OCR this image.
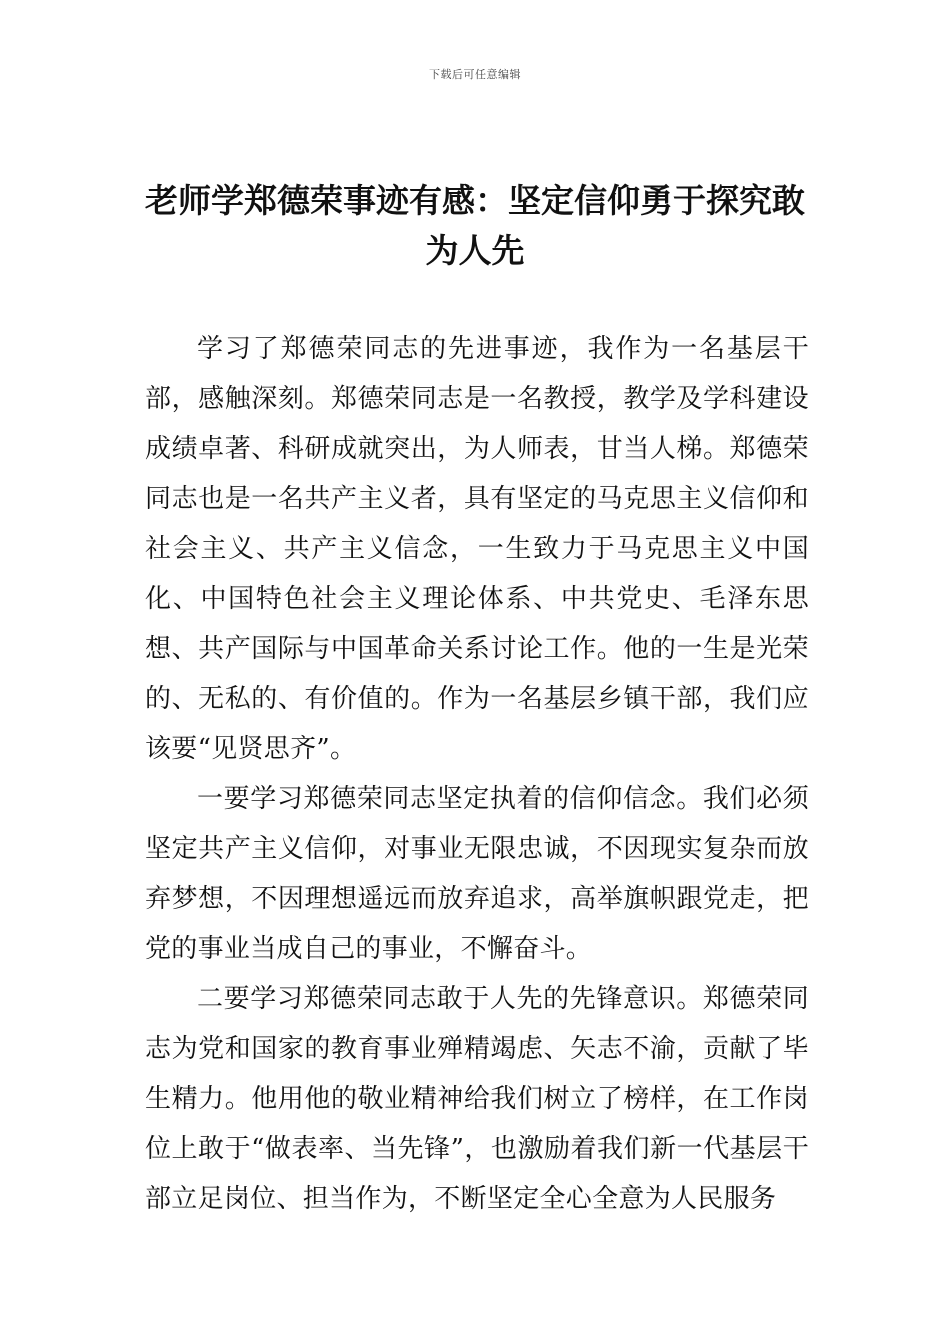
下载后可任意编辑
老师学郑德荣事迹有感：坚定信仰勇于探究敢为人先

学习了郑德荣同志的先进事迹，我作为一名基层干部，感触深刻。郑德荣同志是一名教授，教学及学科建设成绩卓著、科研成就突出，为人师表，甘当人梯。郑德荣同志也是一名共产主义者，具有坚定的马克思主义信仰和社会主义、共产主义信念，一生致力于马克思主义中国化、中国特色社会主义理论体系、中共党史、毛泽东思想、共产国际与中国革命关系讨论工作。他的一生是光荣的、无私的、有价值的。作为一名基层乡镇干部，我们应该要“见贤思齐”。

一要学习郑德荣同志坚定执着的信仰信念。我们必须坚定共产主义信仰，对事业无限忠诚，不因现实复杂而放弃梦想，不因理想遥远而放弃追求，高举旗帜跟党走，把党的事业当成自己的事业，不懈奋斗。

二要学习郑德荣同志敢于人先的先锋意识。郑德荣同志为党和国家的教育事业殚精竭虑、矢志不渝，贡献了毕生精力。他用他的敬业精神给我们树立了榜样，在工作岗位上敢于“做表率、当先锋”，也激励着我们新一代基层干部立足岗位、担当作为，不断坚定全心全意为人民服务
